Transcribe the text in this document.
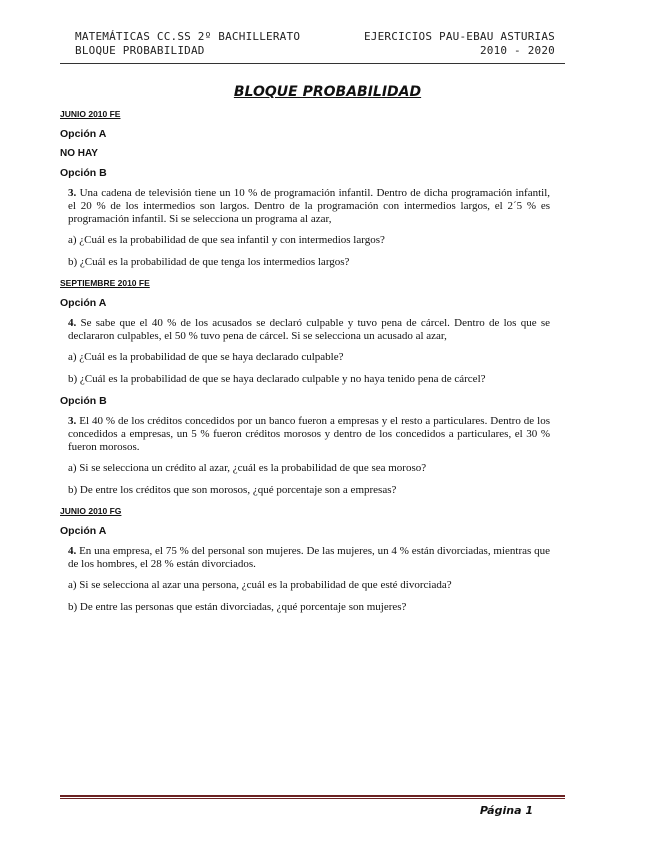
MATEMÁTICAS CC.SS 2º BACHILLERATO
BLOQUE PROBABILIDAD
EJERCICIOS PAU-EBAU ASTURIAS
2010 - 2020
BLOQUE PROBABILIDAD
JUNIO 2010 FE
Opción A
NO HAY
Opción B
3. Una cadena de televisión tiene un 10 % de programación infantil. Dentro de dicha programación infantil, el 20 % de los intermedios son largos. Dentro de la programación con intermedios largos, el 2´5 % es programación infantil. Si se selecciona un programa al azar,
a) ¿Cuál es la probabilidad de que sea infantil y con intermedios largos?
b) ¿Cuál es la probabilidad de que tenga los intermedios largos?
SEPTIEMBRE 2010 FE
Opción A
4. Se sabe que el 40 % de los acusados se declaró culpable y tuvo pena de cárcel. Dentro de los que se declararon culpables, el 50 % tuvo pena de cárcel. Si se selecciona un acusado al azar,
a) ¿Cuál es la probabilidad de que se haya declarado culpable?
b) ¿Cuál es la probabilidad de que se haya declarado culpable y no haya tenido pena de cárcel?
Opción B
3. El 40 % de los créditos concedidos por un banco fueron a empresas y el resto a particulares. Dentro de los concedidos a empresas, un 5 % fueron créditos morosos y dentro de los concedidos a particulares, el 30 % fueron morosos.
a) Si se selecciona un crédito al azar, ¿cuál es la probabilidad de que sea moroso?
b) De entre los créditos que son morosos, ¿qué porcentaje son a empresas?
JUNIO 2010 FG
Opción A
4. En una empresa, el 75 % del personal son mujeres. De las mujeres, un 4 % están divorciadas, mientras que de los hombres, el 28 % están divorciados.
a) Si se selecciona al azar una persona, ¿cuál es la probabilidad de que esté divorciada?
b) De entre las personas que están divorciadas, ¿qué porcentaje son mujeres?
Página 1
